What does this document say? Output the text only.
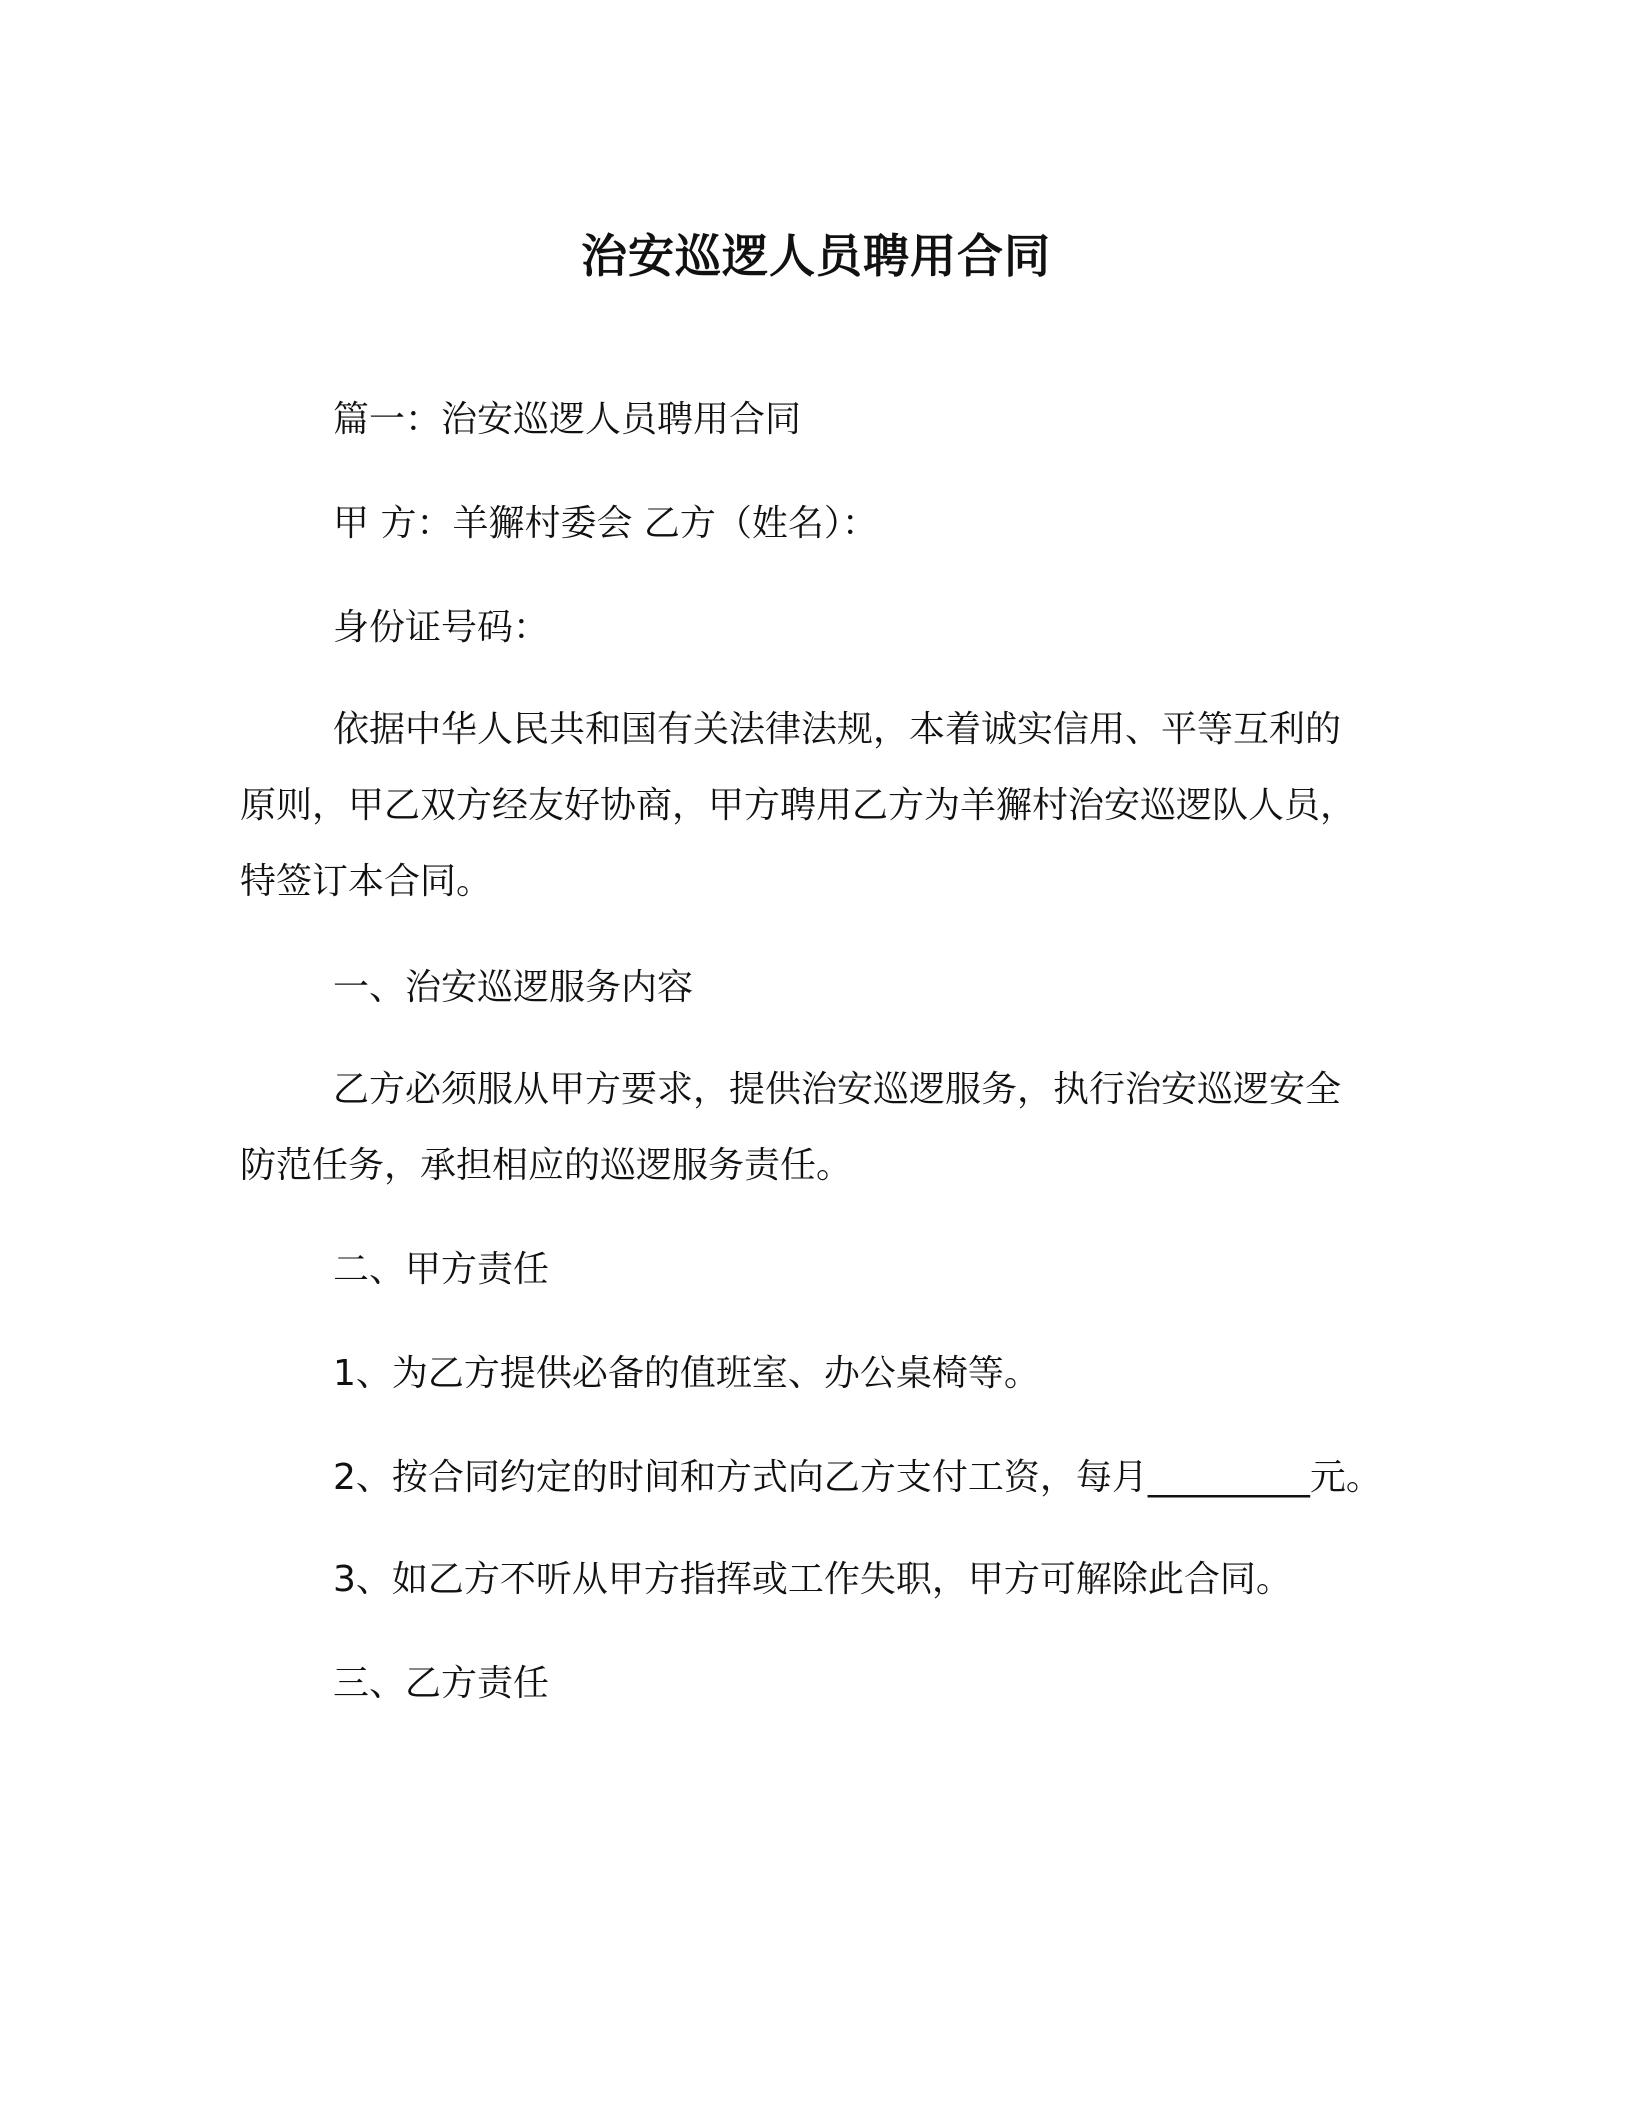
治安巡逻人员聘用合同
篇一：治安巡逻人员聘用合同
甲 方：羊獬村委会 乙方（姓名）：
身份证号码：
依据中华人民共和国有关法律法规，本着诚实信用、平等互利的
原则，甲乙双方经友好协商，甲方聘用乙方为羊獬村治安巡逻队人员，
特签订本合同。
一、治安巡逻服务内容
乙方必须服从甲方要求，提供治安巡逻服务，执行治安巡逻安全
防范任务，承担相应的巡逻服务责任。
二、甲方责任
1、为乙方提供必备的值班室、办公桌椅等。
2、按合同约定的时间和方式向乙方支付工资，每月_________元。
3、如乙方不听从甲方指挥或工作失职，甲方可解除此合同。
三、乙方责任
